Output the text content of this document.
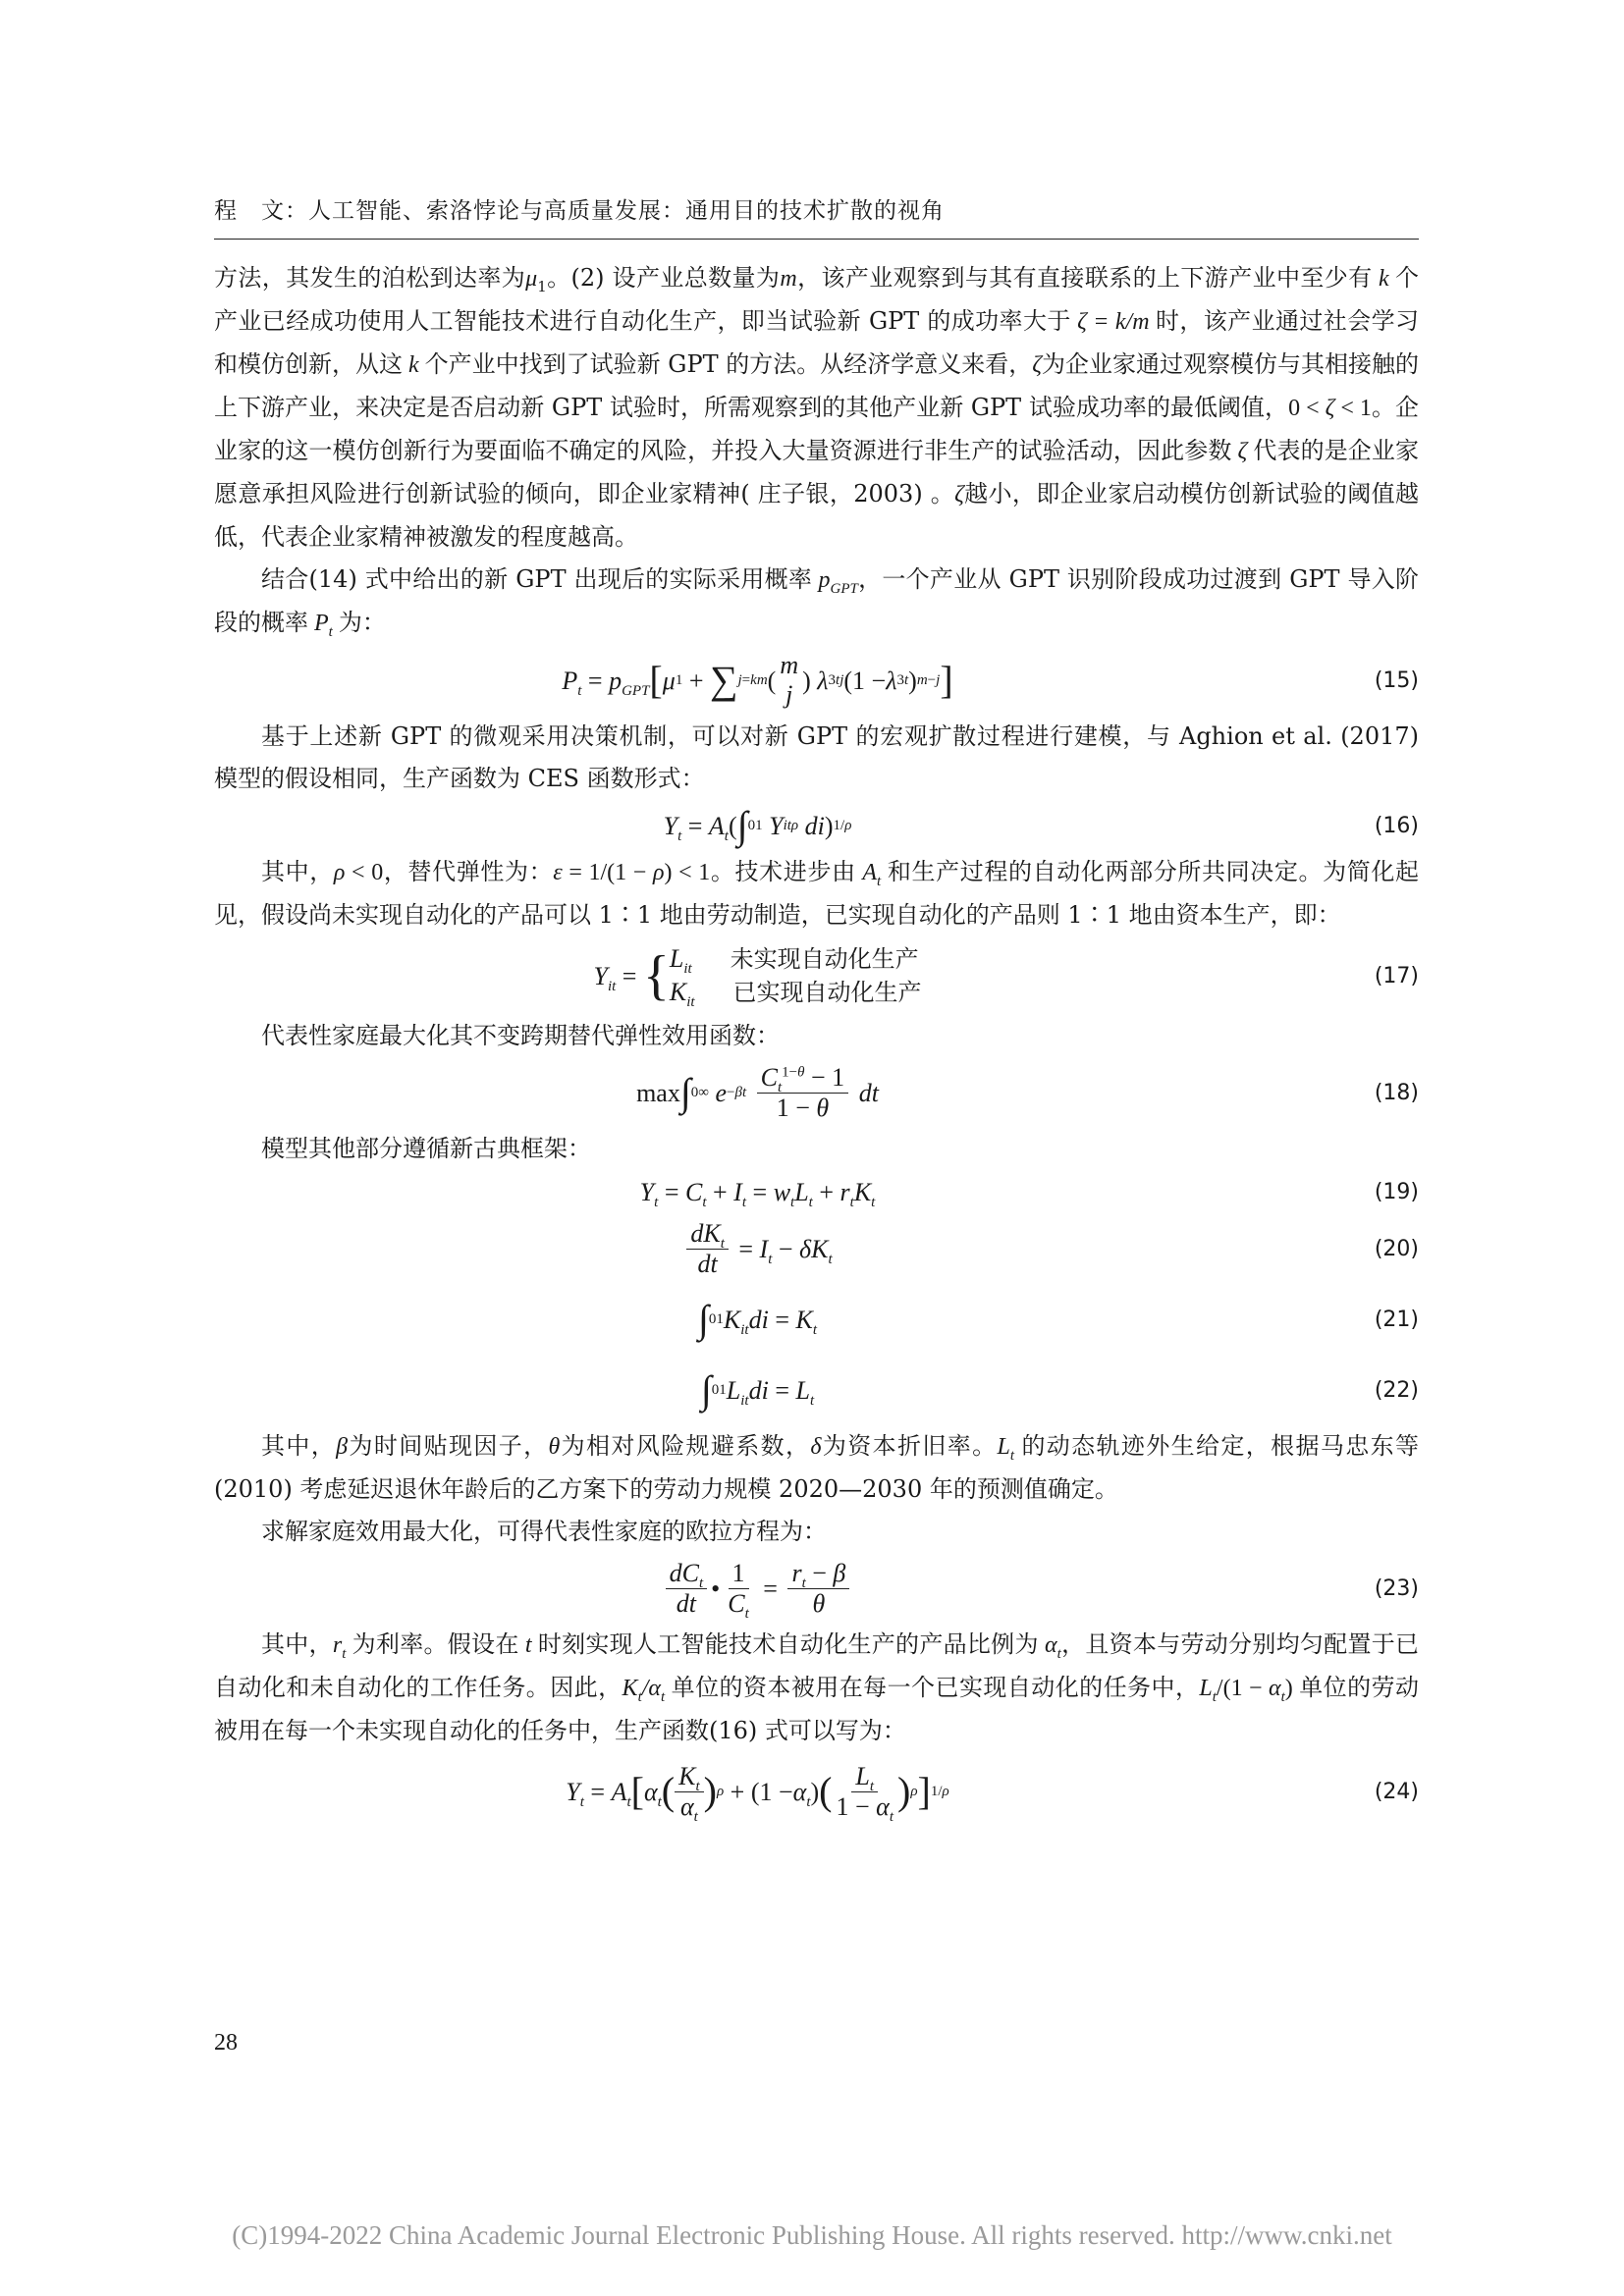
程　文：人工智能、索洛悖论与高质量发展：通用目的技术扩散的视角

方法，其发生的泊松到达率为$\mu_1$。(2) 设产业总数量为m，该产业观察到与其有直接联系的上下游产业中至少有 k 个产业已经成功使用人工智能技术进行自动化生产，即当试验新 GPT 的成功率大于 ζ = k/m 时，该产业通过社会学习和模仿创新，从这 k 个产业中找到了试验新 GPT 的方法。从经济学意义来看，ζ为企业家通过观察模仿与其相接触的上下游产业，来决定是否启动新 GPT 试验时，所需观察到的其他产业新 GPT 试验成功率的最低阈值，0 < ζ < 1。企业家的这一模仿创新行为要面临不确定的风险，并投入大量资源进行非生产的试验活动，因此参数 ζ 代表的是企业家愿意承担风险进行创新试验的倾向，即企业家精神( 庄子银，2003) 。ζ越小，即企业家启动模仿创新试验的阈值越低，代表企业家精神被激发的程度越高。

结合(14) 式中给出的新 GPT 出现后的实际采用概率 $p_{GPT}$，一个产业从 GPT 识别阶段成功过渡到 GPT 导入阶段的概率 $P_t$ 为：

$P_t = p_{GPT}$ [ μ 1 + ∑ j=k m (
m
j ) λ 3t j (1 − λ 3t ) m−j ]	(15)

基于上述新 GPT 的微观采用决策机制，可以对新 GPT 的宏观扩散过程进行建模，与 Aghion et al. (2017) 模型的假设相同，生产函数为 CES 函数形式：

$Y_t = A_t$ ( ∫ 0 1
Y it ρ
di ) 1/ρ	(16)

其中，ρ < 0，替代弹性为：ε = 1/(1 − ρ) < 1。技术进步由 $A_t$ 和生产过程的自动化两部分所共同决定。为简化起见，假设尚未实现自动化的产品可以 1∶1 地由劳动制造，已实现自动化的产品则 1∶1 地由资本生产，即：

$Y_{it}$ = { $L_{it}$ 未实现自动化生产
$K_{it}$ 已实现自动化生产
(17)

代表性家庭最大化其不变跨期替代弹性效用函数：

max ∫ 0 ∞
e −βt
$\frac{C_t^{1-\theta} - 1}{1 - \theta}$
dt	(18)

模型其他部分遵循新古典框架：

$Y_t = C_t + I_t = w_tL_t + r_tK_t$	(19)
$\frac{dK_t}{dt} = I_t - \delta K_t$	(20)
∫ 0 1 $K_{it}di = K_t$	(21)
∫ 0 1 $L_{it}di = L_t$	(22)

其中，β为时间贴现因子，θ为相对风险规避系数，δ为资本折旧率。$L_t$ 的动态轨迹外生给定，根据马忠东等(2010) 考虑延迟退休年龄后的乙方案下的劳动力规模 2020—2030 年的预测值确定。

求解家庭效用最大化，可得代表性家庭的欧拉方程为：

$\frac{dC_t}{dt}$ • $\frac{1}{C_t} = \frac{r_t - \beta}{\theta}$	(23)

其中，$r_t$ 为利率。假设在 t 时刻实现人工智能技术自动化生产的产品比例为 $\alpha_t$，且资本与劳动分别均匀配置于已自动化和未自动化的工作任务。因此，$K_t/\alpha_t$ 单位的资本被用在每一个已实现自动化的任务中，$L_t/(1 - \alpha_t)$ 单位的劳动被用在每一个未实现自动化的任务中，生产函数(16) 式可以写为：

$Y_t = A_t$ [ $\alpha_t$ ( $\frac{K_t}{\alpha_t}$ ) $\rho + (1 - \alpha_t$ ) ( $\frac{L_t}{1 - \alpha_t}$ ) ρ ] 1/ρ	(24)
28
(C)1994-2022 China Academic Journal Electronic Publishing House. All rights reserved. http://www.cnki.net
